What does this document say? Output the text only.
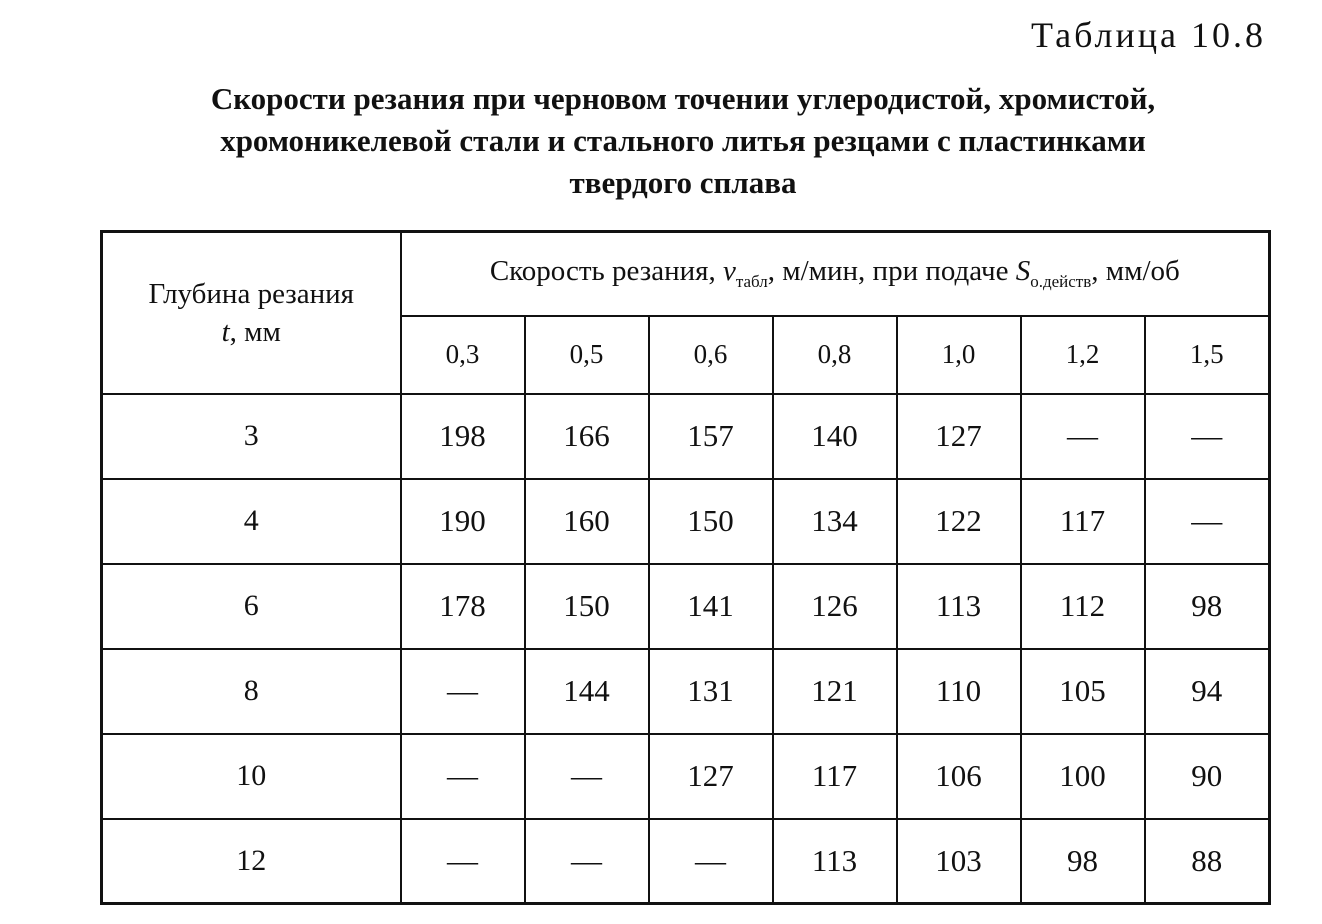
Таблица 10.8
Скорости резания при черновом точении углеродистой, хромистой,
хромоникелевой стали и стального литья резцами с пластинками
твердого сплава
Глубина резания
t, мм	Скорость резания, $v_{табл}$, м/мин, при подаче $S_{о.действ}$, мм/об						
	0,3	0,5	0,6	0,8	1,0	1,2	1,5
3	198	166	157	140	127	—	—
4	190	160	150	134	122	117	—
6	178	150	141	126	113	112	98
8	—	144	131	121	110	105	94
10	—	—	127	117	106	100	90
12	—	—	—	113	103	98	88
